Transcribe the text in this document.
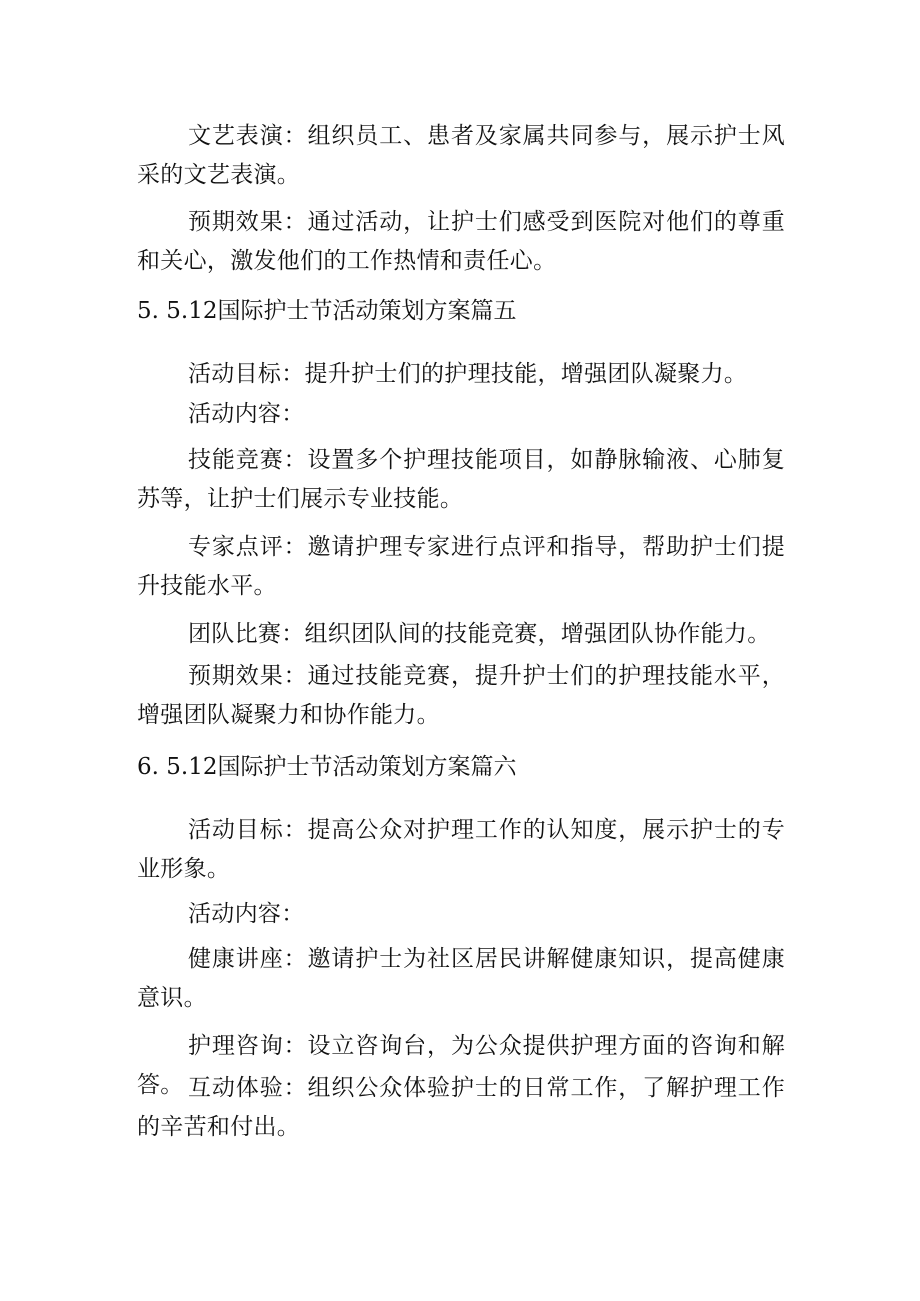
文艺表演：组织员工、患者及家属共同参与，展示护士风采的文艺表演。

预期效果：通过活动，让护士们感受到医院对他们的尊重和关心，激发他们的工作热情和责任心。

5. 5.12国际护士节活动策划方案篇五

活动目标：提升护士们的护理技能，增强团队凝聚力。

活动内容：

技能竞赛：设置多个护理技能项目，如静脉输液、心肺复苏等，让护士们展示专业技能。

专家点评：邀请护理专家进行点评和指导，帮助护士们提升技能水平。

团队比赛：组织团队间的技能竞赛，增强团队协作能力。

预期效果：通过技能竞赛，提升护士们的护理技能水平，增强团队凝聚力和协作能力。

6. 5.12国际护士节活动策划方案篇六

活动目标：提高公众对护理工作的认知度，展示护士的专业形象。

活动内容：

健康讲座：邀请护士为社区居民讲解健康知识，提高健康意识。

护理咨询：设立咨询台，为公众提供护理方面的咨询和解答。 互动体验：组织公众体验护士的日常工作，了解护理工作的辛苦和付出。
